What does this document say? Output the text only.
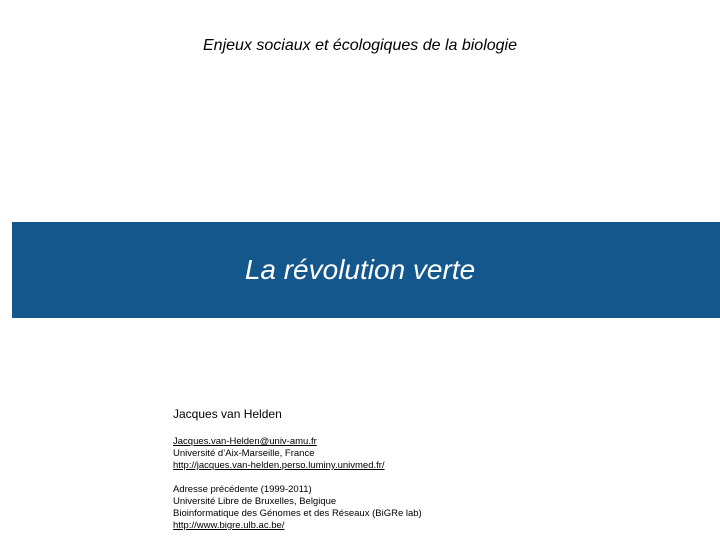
Enjeux sociaux et écologiques de la biologie
La révolution verte
Jacques van Helden
Jacques.van-Helden@univ-amu.fr
Université d’Aix-Marseille, France
http://jacques.van-helden.perso.luminy.univmed.fr/
Adresse précédente (1999-2011)
Université Libre de Bruxelles, Belgique
Bioinformatique des Génomes et des Réseaux (BiGRe lab)
http://www.bigre.ulb.ac.be/
